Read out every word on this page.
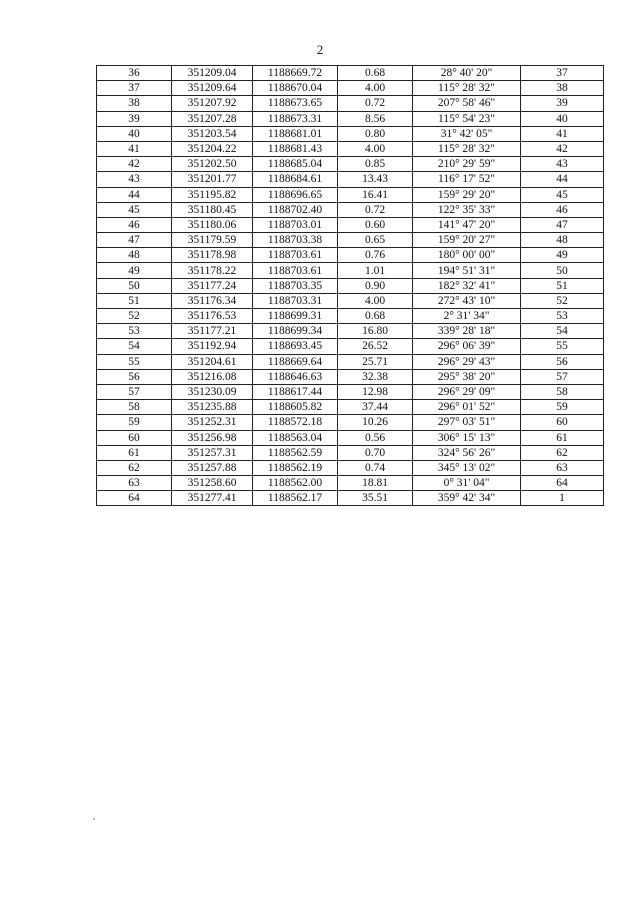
2
36	351209.04	1188669.72	0.68	28° 40' 20"	37
37	351209.64	1188670.04	4.00	115° 28' 32"	38
38	351207.92	1188673.65	0.72	207° 58' 46"	39
39	351207.28	1188673.31	8.56	115° 54' 23"	40
40	351203.54	1188681.01	0.80	31° 42' 05"	41
41	351204.22	1188681.43	4.00	115° 28' 32"	42
42	351202.50	1188685.04	0.85	210° 29' 59"	43
43	351201.77	1188684.61	13.43	116° 17' 52"	44
44	351195.82	1188696.65	16.41	159° 29' 20"	45
45	351180.45	1188702.40	0.72	122° 35' 33"	46
46	351180.06	1188703.01	0.60	141° 47' 20"	47
47	351179.59	1188703.38	0.65	159° 20' 27"	48
48	351178.98	1188703.61	0.76	180° 00' 00"	49
49	351178.22	1188703.61	1.01	194° 51' 31"	50
50	351177.24	1188703.35	0.90	182° 32' 41"	51
51	351176.34	1188703.31	4.00	272° 43' 10"	52
52	351176.53	1188699.31	0.68	2° 31' 34"	53
53	351177.21	1188699.34	16.80	339° 28' 18"	54
54	351192.94	1188693.45	26.52	296° 06' 39"	55
55	351204.61	1188669.64	25.71	296° 29' 43"	56
56	351216.08	1188646.63	32.38	295° 38' 20"	57
57	351230.09	1188617.44	12.98	296° 29' 09"	58
58	351235.88	1188605.82	37.44	296° 01' 52"	59
59	351252.31	1188572.18	10.26	297° 03' 51"	60
60	351256.98	1188563.04	0.56	306° 15' 13"	61
61	351257.31	1188562.59	0.70	324° 56' 26"	62
62	351257.88	1188562.19	0.74	345° 13' 02"	63
63	351258.60	1188562.00	18.81	0° 31' 04"	64
64	351277.41	1188562.17	35.51	359° 42' 34"	1
